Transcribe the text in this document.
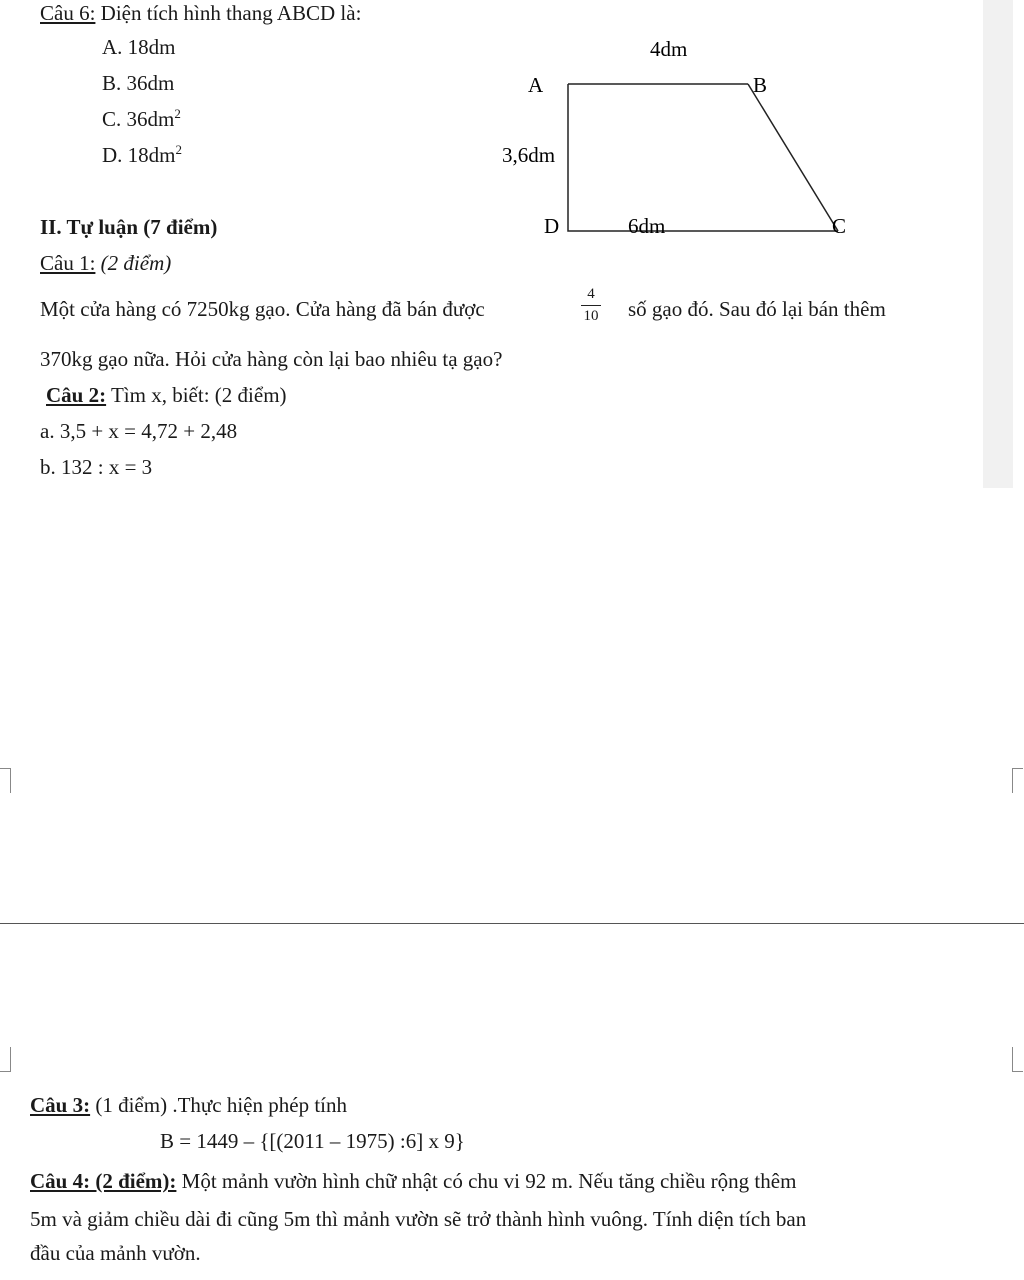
Câu 6: Diện tích hình thang ABCD là:
A. 18dm
B. 36dm
C. $36dm^2$
D. $18dm^2$
4dm
A	B
3,6dm
D	6dm	C
II. Tự luận (7 điểm)
Câu 1: (2 điểm)
Một cửa hàng có 7250kg gạo. Cửa hàng đã bán được
4
10 số gạo đó. Sau đó lại bán thêm
370kg gạo nữa. Hỏi cửa hàng còn lại bao nhiêu tạ gạo?
Câu 2: Tìm x, biết: (2 điểm)
a. 3,5 + x = 4,72 + 2,48
b. 132 : x = 3
Câu 3: (1 điểm) .Thực hiện phép tính
B = 1449 – {[(2011 – 1975) :6] x 9}
Câu 4: (2 điểm): Một mảnh vườn hình chữ nhật có chu vi 92 m. Nếu tăng chiều rộng thêm
5m và giảm chiều dài đi cũng 5m thì mảnh vườn sẽ trở thành hình vuông. Tính diện tích ban
đầu của mảnh vườn.
